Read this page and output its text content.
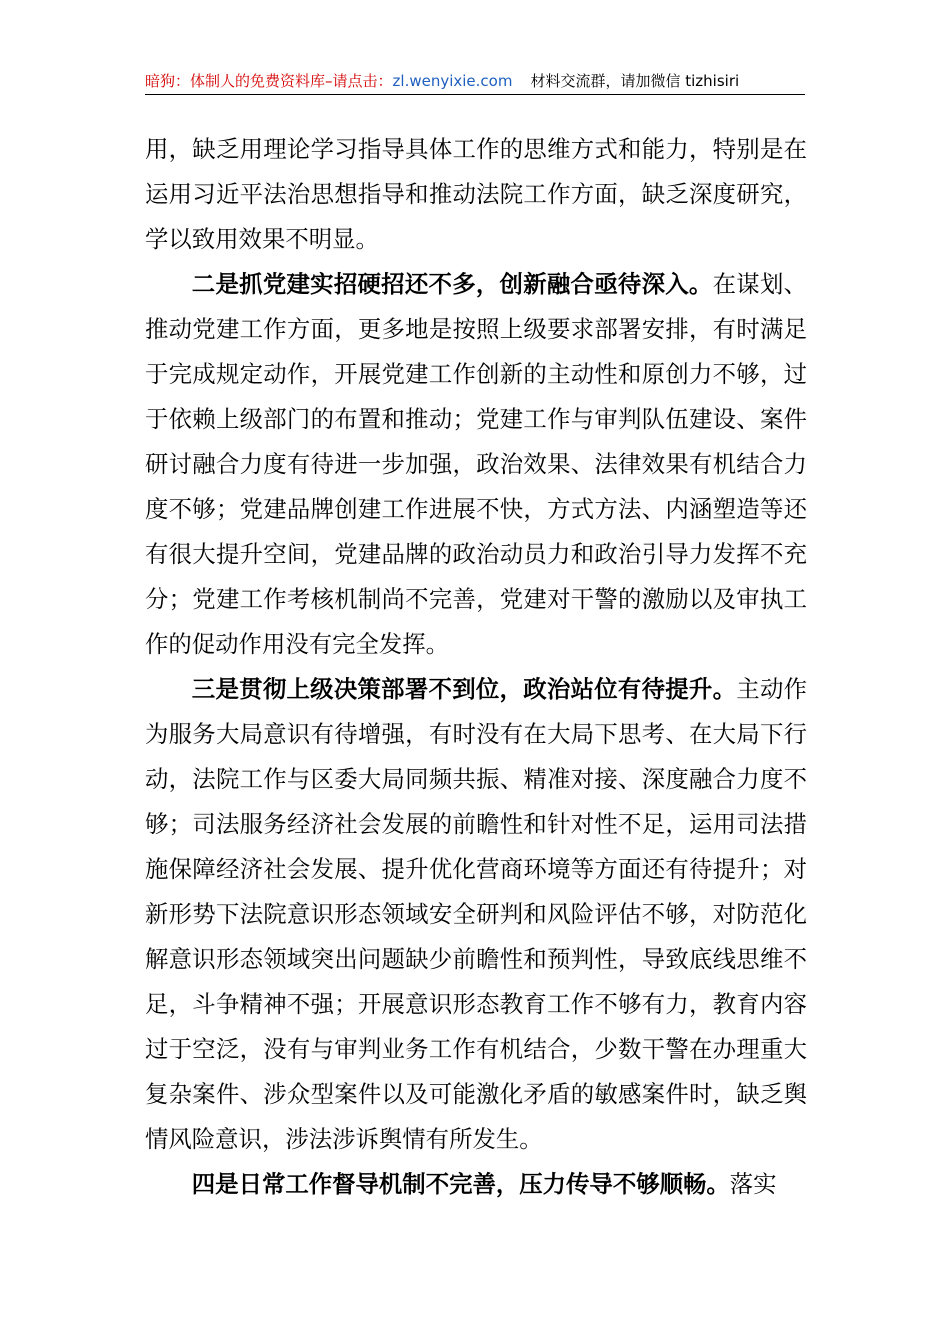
暗狗：体制人的免费资料库 –请点击： zl.wenyixie.com 材料交流群，请加微信 tizhisiri

用，缺乏用理论学习指导具体工作的思维方式和能力，特别是在运用习近平法治思想指导和推动法院工作方面，缺乏深度研究，学以致用效果不明显。

二是抓党建实招硬招还不多，创新融合亟待深入。在谋划、推动党建工作方面，更多地是按照上级要求部署安排，有时满足于完成规定动作，开展党建工作创新的主动性和原创力不够，过于依赖上级部门的布置和推动；党建工作与审判队伍建设、案件研讨融合力度有待进一步加强，政治效果、法律效果有机结合力度不够；党建品牌创建工作进展不快，方式方法、内涵塑造等还有很大提升空间，党建品牌的政治动员力和政治引导力发挥不充分；党建工作考核机制尚不完善，党建对干警的激励以及审执工作的促动作用没有完全发挥。

三是贯彻上级决策部署不到位，政治站位有待提升。主动作为服务大局意识有待增强，有时没有在大局下思考、在大局下行动，法院工作与区委大局同频共振、精准对接、深度融合力度不够；司法服务经济社会发展的前瞻性和针对性不足，运用司法措施保障经济社会发展、提升优化营商环境等方面还有待提升；对新形势下法院意识形态领域安全研判和风险评估不够，对防范化解意识形态领域突出问题缺少前瞻性和预判性，导致底线思维不足，斗争精神不强；开展意识形态教育工作不够有力，教育内容过于空泛，没有与审判业务工作有机结合，少数干警在办理重大复杂案件、涉众型案件以及可能激化矛盾的敏感案件时，缺乏舆情风险意识，涉法涉诉舆情有所发生。

四是日常工作督导机制不完善，压力传导不够顺畅。落实
